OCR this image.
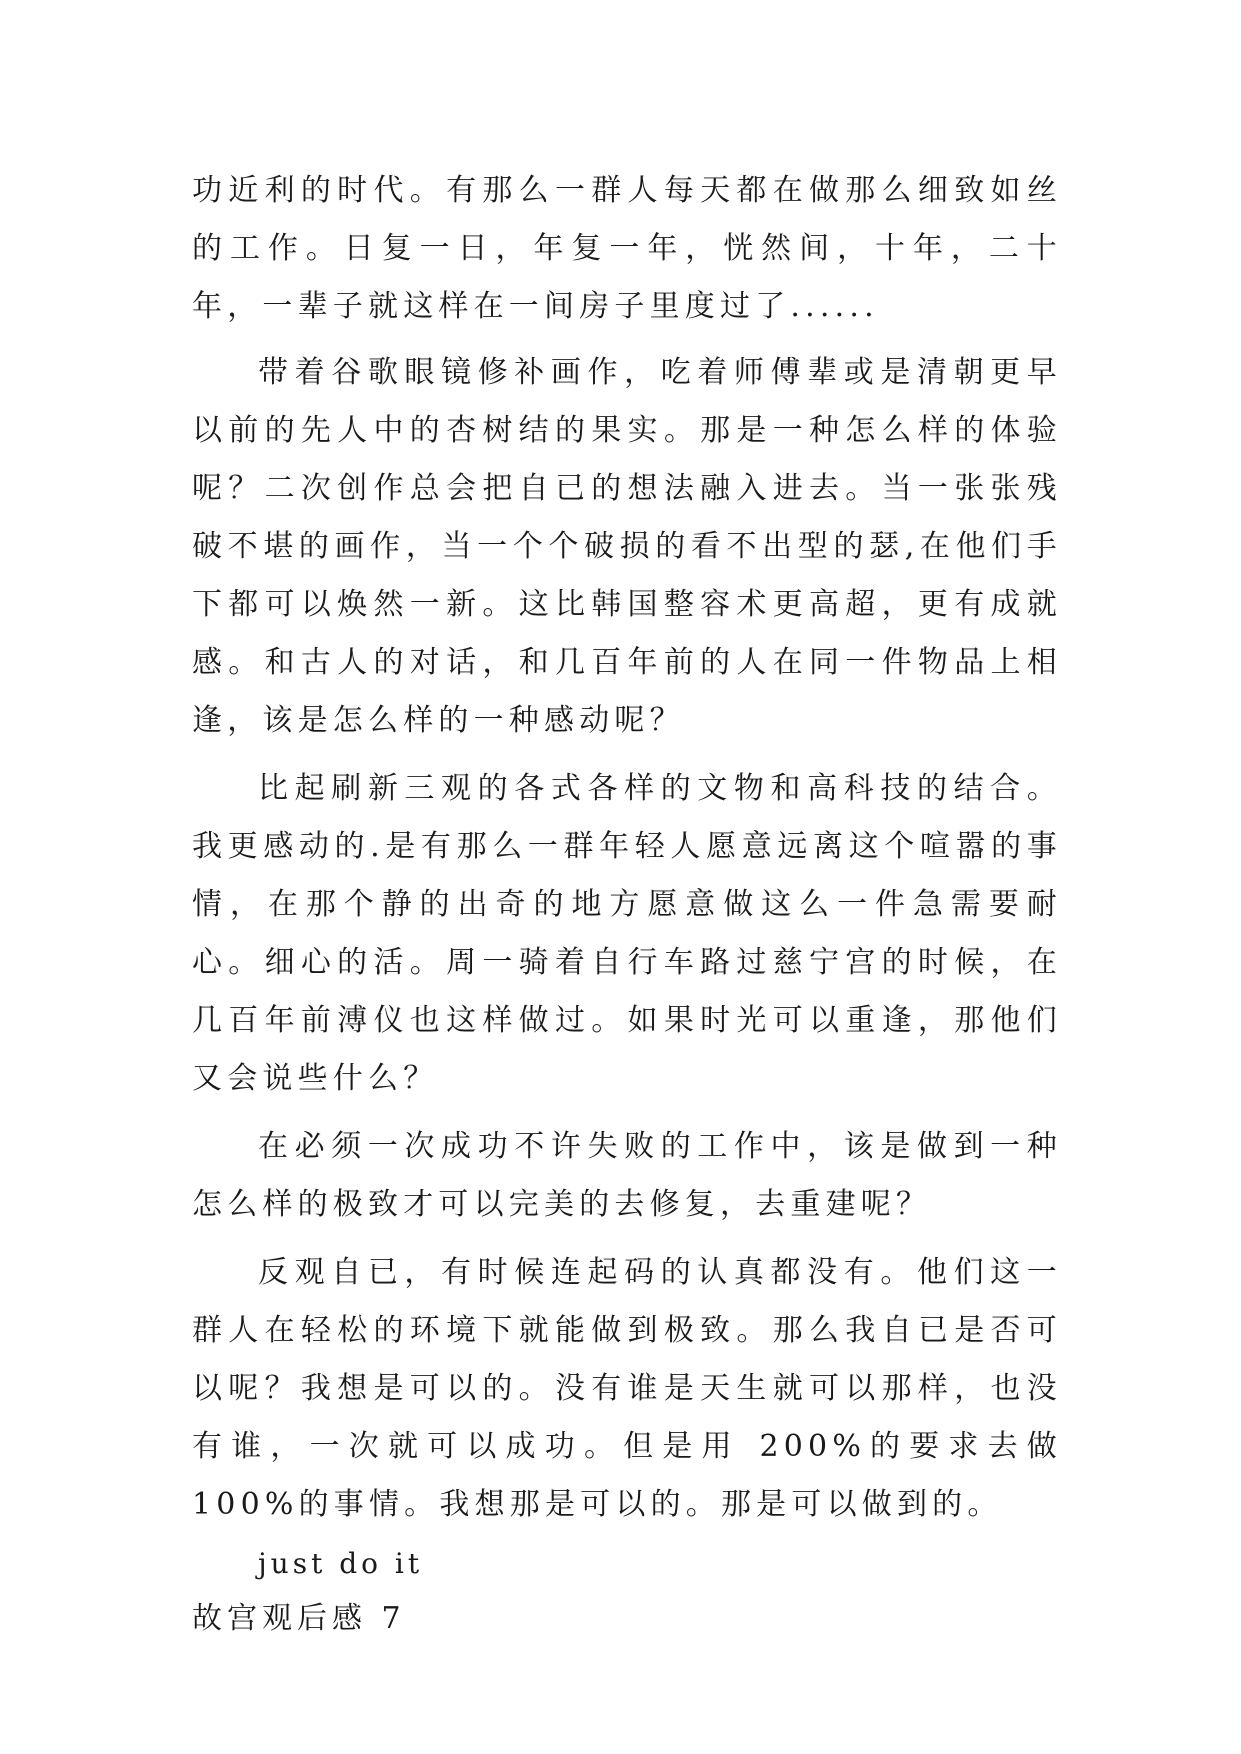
功近利的时代。有那么一群人每天都在做那么细致如丝的工作。日复一日，年复一年，恍然间，十年，二十年，一辈子就这样在一间房子里度过了......

带着谷歌眼镜修补画作，吃着师傅辈或是清朝更早以前的先人中的杏树结的果实。那是一种怎么样的体验呢？二次创作总会把自已的想法融入进去。当一张张残破不堪的画作，当一个个破损的看不出型的瑟,在他们手下都可以焕然一新。这比韩国整容术更高超，更有成就感。和古人的对话，和几百年前的人在同一件物品上相逢，该是怎么样的一种感动呢？

比起刷新三观的各式各样的文物和高科技的结合。我更感动的.是有那么一群年轻人愿意远离这个喧嚣的事情，在那个静的出奇的地方愿意做这么一件急需要耐心。细心的活。周一骑着自行车路过慈宁宫的时候，在几百年前溥仪也这样做过。如果时光可以重逢，那他们又会说些什么？

在必须一次成功不许失败的工作中，该是做到一种怎么样的极致才可以完美的去修复，去重建呢？

反观自已，有时候连起码的认真都没有。他们这一群人在轻松的环境下就能做到极致。那么我自已是否可以呢？我想是可以的。没有谁是天生就可以那样，也没有谁，一次就可以成功。但是用 200%的要求去做 100%的事情。我想那是可以的。那是可以做到的。

just do it

故宫观后感 7
